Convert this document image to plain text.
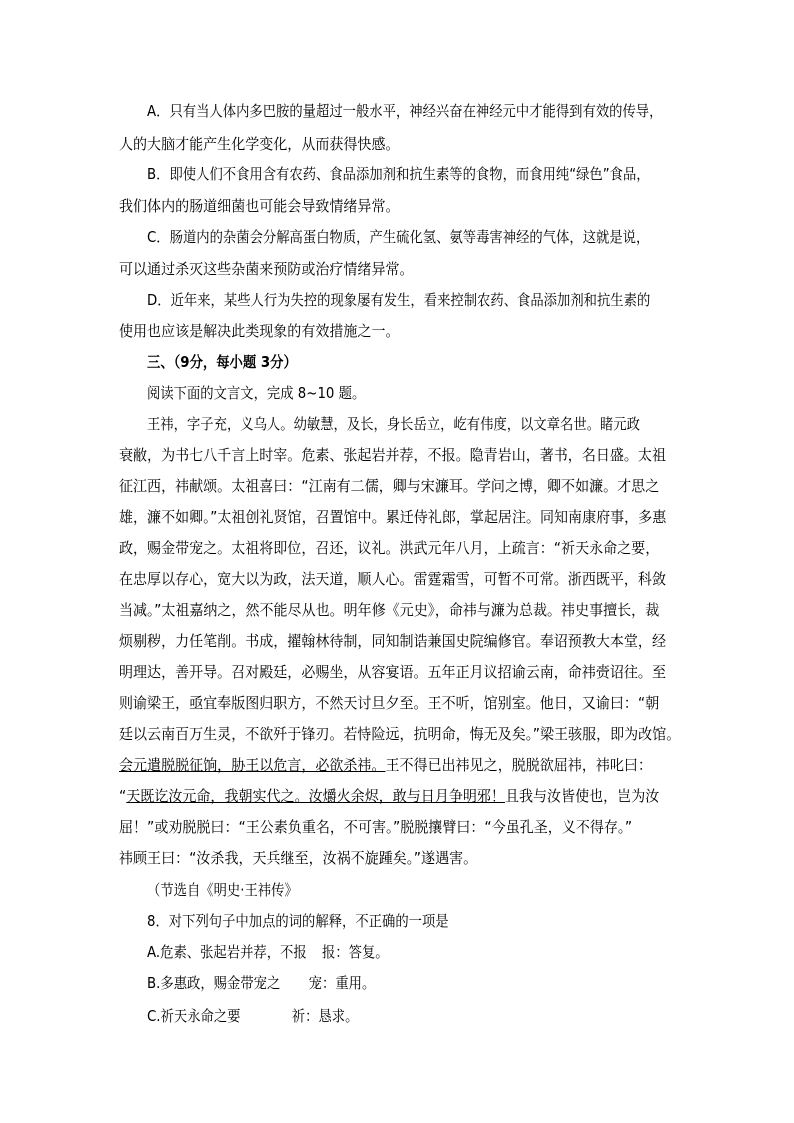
A．只有当人体内多巴胺的量超过一般水平，神经兴奋在神经元中才能得到有效的传导，
人的大脑才能产生化学变化，从而获得快感。
B．即使人们不食用含有农药、食品添加剂和抗生素等的食物，而食用纯“绿色”食品，
我们体内的肠道细菌也可能会导致情绪异常。
C．肠道内的杂菌会分解高蛋白物质，产生硫化氢、氨等毒害神经的气体，这就是说，
可以通过杀灭这些杂菌来预防或治疗情绪异常。
D．近年来，某些人行为失控的现象屡有发生，看来控制农药、食品添加剂和抗生素的
使用也应该是解决此类现象的有效措施之一。
三、（9分，每小题 3分）
阅读下面的文言文，完成 8~10 题。
王祎，字子充，义乌人。幼敏慧，及长，身长岳立，屹有伟度，以文章名世。睹元政
衰敝，为书七八千言上时宰。危素、张起岩并荐，不报。隐青岩山，著书，名日盛。太祖
征江西，祎献颂。太祖喜曰：“江南有二儒，卿与宋濂耳。学问之博，卿不如濂。才思之
雄，濂不如卿。”太祖创礼贤馆，召置馆中。累迁侍礼郎，掌起居注。同知南康府事，多惠
政，赐金带宠之。太祖将即位，召还，议礼。洪武元年八月，上疏言：“祈天永命之要，
在忠厚以存心，宽大以为政，法天道，顺人心。雷霆霜雪，可暂不可常。浙西既平，科敛
当减。”太祖嘉纳之，然不能尽从也。明年修《元史》，命祎与濂为总裁。祎史事擅长，裁
烦剔秽，力任笔削。书成，擢翰林待制，同知制诰兼国史院编修官。奉诏预教大本堂，经
明理达，善开导。召对殿廷，必赐坐，从容宴语。五年正月议招谕云南，命祎赍诏往。至
则谕梁王，亟宜奉版图归职方，不然天讨旦夕至。王不听，馆别室。他日，又谕曰：“朝
廷以云南百万生灵，不欲歼于锋刃。若恃险远，抗明命，悔无及矣。”梁王骇服，即为改馆。
会元遣脱脱征饷，胁王以危言，必欲杀祎。王不得已出祎见之，脱脱欲屈祎，祎叱曰：
“天既讫汝元命，我朝实代之。汝爝火余烬，敢与日月争明邪！且我与汝皆使也，岂为汝
屈！”或劝脱脱曰：“王公素负重名，不可害。”脱脱攘臂曰：“今虽孔圣，义不得存。”
祎顾王曰：“汝杀我，天兵继至，汝祸不旋踵矣。”遂遇害。
（节选自《明史·王祎传》
8．对下列句子中加点的词的解释，不正确的一项是
A.危素、张起岩并荐，不报 报：答复。
B.多惠政，赐金带宠之 宠：重用。
C.祈天永命之要	祈：恳求。
